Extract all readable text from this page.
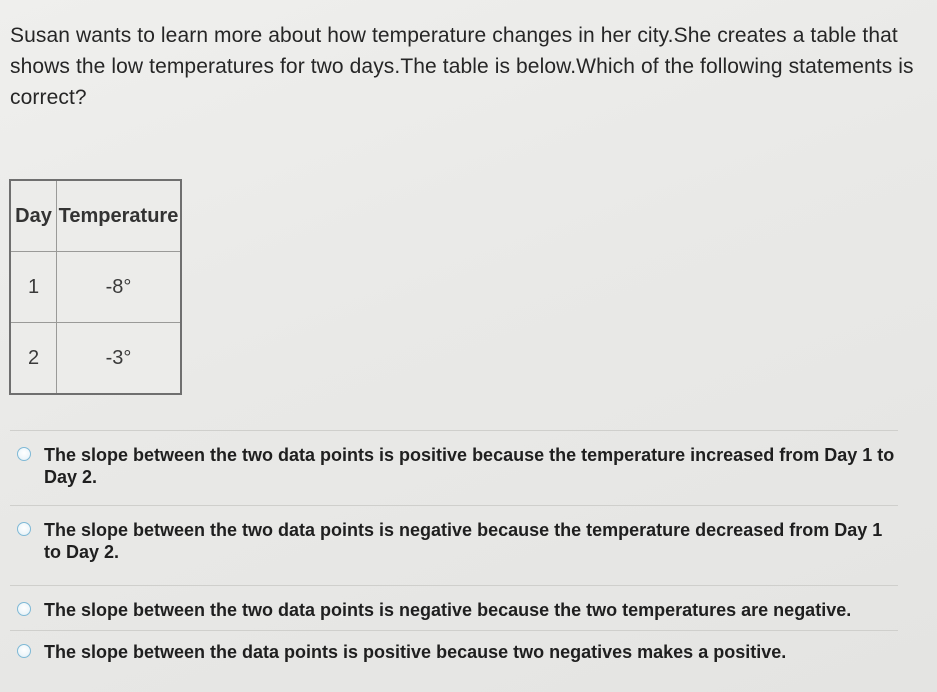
Susan wants to learn more about how temperature changes in her city.She creates a table that shows the low temperatures for two days.The table is below.Which of the following statements is correct?
Day	Temperature
1	-8°
2	-3°
The slope between the two data points is positive because the temperature increased from Day 1 to Day 2.
The slope between the two data points is negative because the temperature decreased from Day 1 to Day 2.
The slope between the two data points is negative because the two temperatures are negative.
The slope between the data points is positive because two negatives makes a positive.
